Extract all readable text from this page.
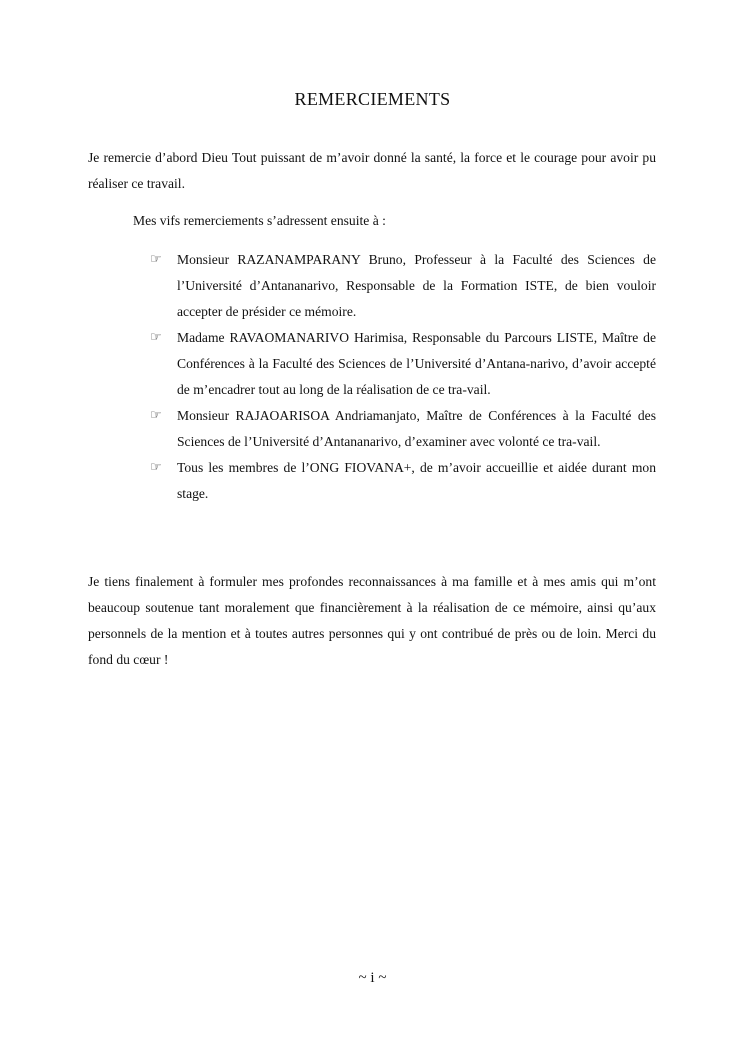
REMERCIEMENTS

Je remercie d’abord Dieu Tout puissant de m’avoir donné la santé, la force et le courage pour avoir pu réaliser ce travail.

Mes vifs remerciements s’adressent ensuite à :
☞ Monsieur RAZANAMPARANY Bruno, Professeur à la Faculté des Sciences de l’Université d’Antananarivo, Responsable de la Formation ISTE, de bien vouloir accepter de présider ce mémoire.
☞ Madame RAVAOMANARIVO Harimisa, Responsable du Parcours LISTE, Maître de Conférences à la Faculté des Sciences de l’Université d’Antana-narivo, d’avoir accepté de m’encadrer tout au long de la réalisation de ce tra-vail.
☞ Monsieur RAJAOARISOA Andriamanjato, Maître de Conférences à la Faculté des Sciences de l’Université d’Antananarivo, d’examiner avec volonté ce tra-vail.
☞ Tous les membres de l’ONG FIOVANA+, de m’avoir accueillie et aidée durant mon stage.

Je tiens finalement à formuler mes profondes reconnaissances à ma famille et à mes amis qui m’ont beaucoup soutenue tant moralement que financièrement à la réalisation de ce mémoire, ainsi qu’aux personnels de la mention et à toutes autres personnes qui y ont contribué de près ou de loin. Merci du fond du cœur !

~ i ~
